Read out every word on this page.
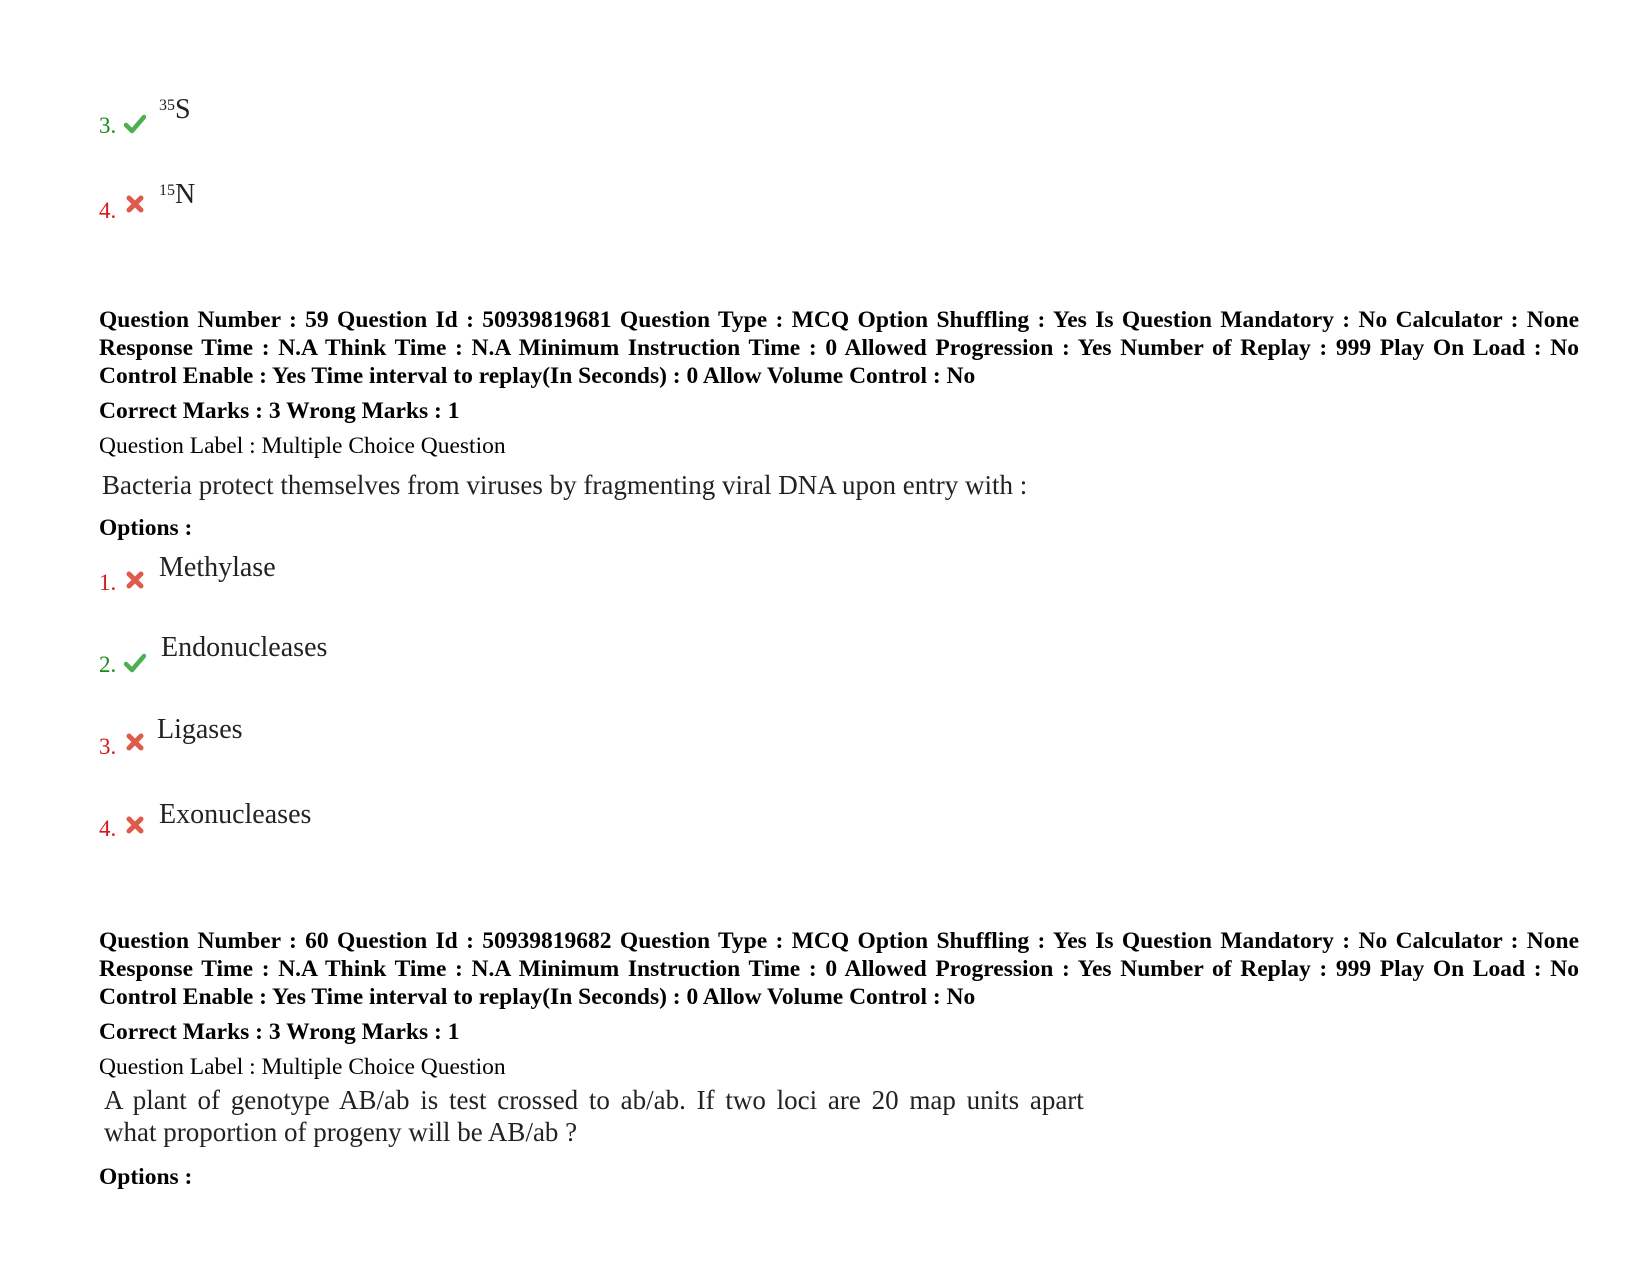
3.
$^{35}$S
4.
$^{15}$N

Question Number : 59 Question Id : 50939819681 Question Type : MCQ Option Shuffling : Yes Is Question Mandatory : No Calculator : None Response Time : N.A Think Time : N.A Minimum Instruction Time : 0 Allowed Progression : Yes Number of Replay : 999 Play On Load : No Control Enable : Yes Time interval to replay(In Seconds) : 0 Allow Volume Control : No

Correct Marks : 3 Wrong Marks : 1
Question Label : Multiple Choice Question
Bacteria protect themselves from viruses by fragmenting viral DNA upon entry with :
Options :
1. Methylase
2.
Endonucleases
3.
Ligases
4. Exonucleases

Question Number : 60 Question Id : 50939819682 Question Type : MCQ Option Shuffling : Yes Is Question Mandatory : No Calculator : None Response Time : N.A Think Time : N.A Minimum Instruction Time : 0 Allowed Progression : Yes Number of Replay : 999 Play On Load : No Control Enable : Yes Time interval to replay(In Seconds) : 0 Allow Volume Control : No

Correct Marks : 3 Wrong Marks : 1
Question Label : Multiple Choice Question
A plant of genotype AB/ab is test crossed to ab/ab. If two loci are 20 map units apart
what proportion of progeny will be AB/ab ?
Options :
